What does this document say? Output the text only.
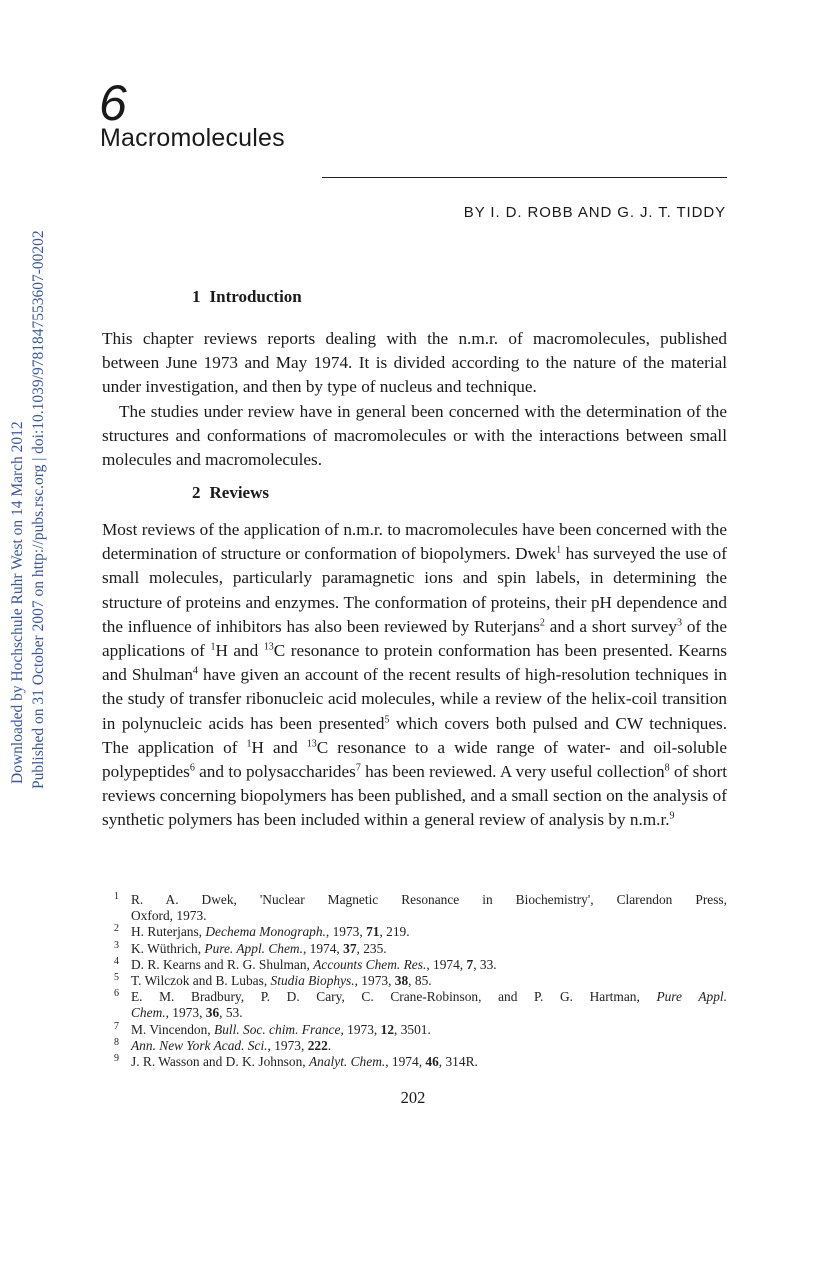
Downloaded by Hochschule Ruhr West on 14 March 2012 Published on 31 October 2007 on http://pubs.rsc.org | doi:10.1039/9781847553607-00202
6
Macromolecules
BY I. D. ROBB AND G. J. T. TIDDY
1 Introduction

This chapter reviews reports dealing with the n.m.r. of macromolecules, published between June 1973 and May 1974. It is divided according to the nature of the material under investigation, and then by type of nucleus and technique.

The studies under review have in general been concerned with the determination of the structures and conformations of macromolecules or with the interactions between small molecules and macromolecules.

2 Reviews

Most reviews of the application of n.m.r. to macromolecules have been concerned with the determination of structure or conformation of biopolymers. Dwek$^1$ has surveyed the use of small molecules, particularly paramagnetic ions and spin labels, in determining the structure of proteins and enzymes. The conformation of proteins, their pH dependence and the influence of inhibitors has also been reviewed by Ruterjans$^2$ and a short survey$^3$ of the applications of $^1$H and $^{13}$C resonance to protein conformation has been presented. Kearns and Shulman$^4$ have given an account of the recent results of high-resolution techniques in the study of transfer ribonucleic acid molecules, while a review of the helix-coil transition in polynucleic acids has been presented$^5$ which covers both pulsed and CW techniques. The application of $^1$H and $^{13}$C resonance to a wide range of water- and oil-soluble polypeptides$^6$ and to polysaccharides$^7$ has been reviewed. A very useful collection$^8$ of short reviews concerning biopolymers has been published, and a small section on the analysis of synthetic polymers has been included within a general review of analysis by n.m.r.$^9$

1 R. A. Dwek, 'Nuclear Magnetic Resonance in Biochemistry', Clarendon Press,
Oxford, 1973.
2 H. Ruterjans, Dechema Monograph., 1973, 71, 219.
3 K. Wüthrich, Pure. Appl. Chem., 1974, 37, 235.
4 D. R. Kearns and R. G. Shulman, Accounts Chem. Res., 1974, 7, 33.
5 T. Wilczok and B. Lubas, Studia Biophys., 1973, 38, 85.
6 E. M. Bradbury, P. D. Cary, C. Crane-Robinson, and P. G. Hartman, Pure Appl.
Chem., 1973, 36, 53.
7 M. Vincendon, Bull. Soc. chim. France, 1973, 12, 3501.
8 Ann. New York Acad. Sci., 1973, 222.
9 J. R. Wasson and D. K. Johnson, Analyt. Chem., 1974, 46, 314R.
202
